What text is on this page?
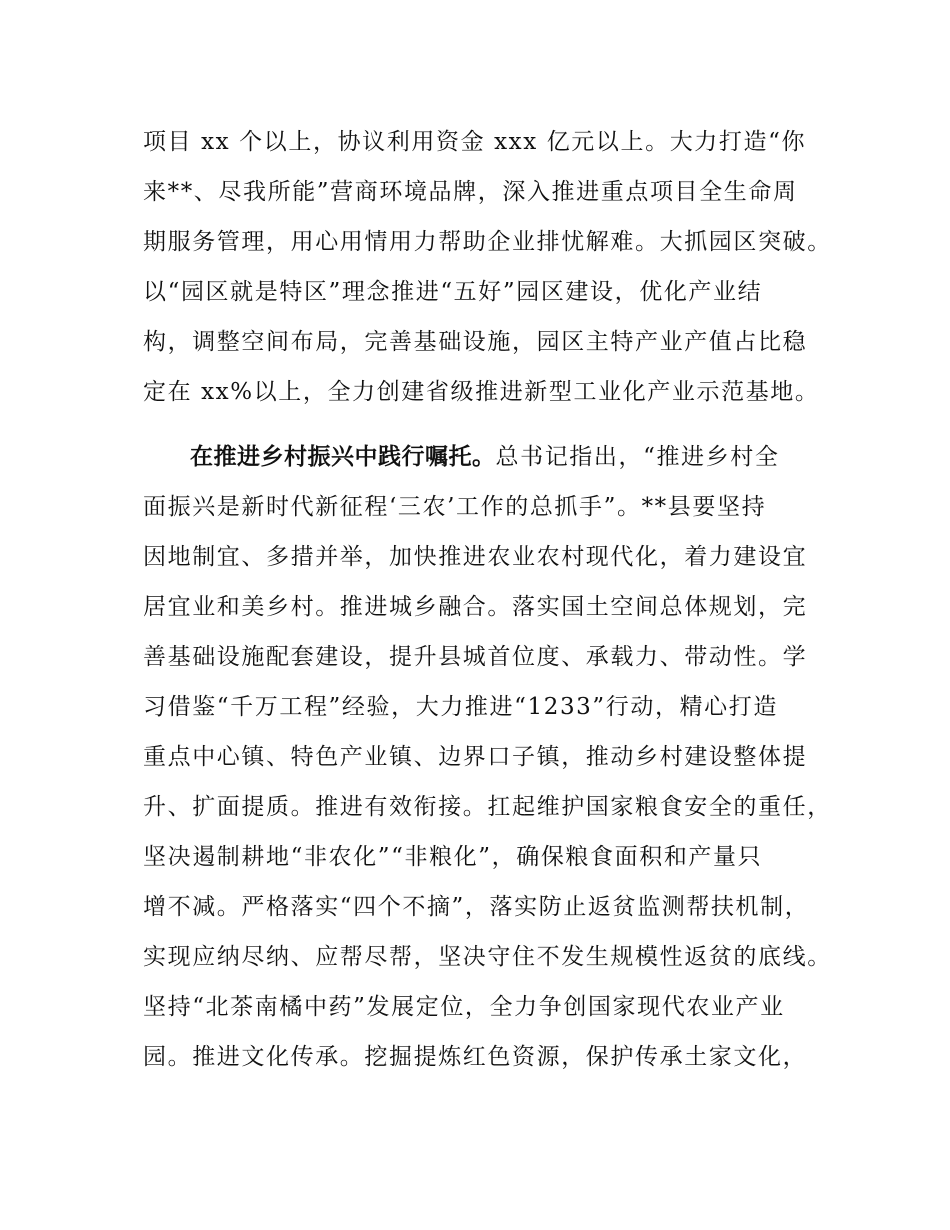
项目 xx 个以上，协议利用资金 xxx 亿元以上。大力打造“你
来**、尽我所能”营商环境品牌，深入推进重点项目全生命周
期服务管理，用心用情用力帮助企业排忧解难。大抓园区突破。
以“园区就是特区”理念推进“五好”园区建设，优化产业结
构，调整空间布局，完善基础设施，园区主特产业产值占比稳
定在 xx%以上，全力创建省级推进新型工业化产业示范基地。
在推进乡村振兴中践行嘱托。总书记指出，“推进乡村全
面振兴是新时代新征程‘三农’工作的总抓手”。**县要坚持
因地制宜、多措并举，加快推进农业农村现代化，着力建设宜
居宜业和美乡村。推进城乡融合。落实国土空间总体规划，完
善基础设施配套建设，提升县城首位度、承载力、带动性。学
习借鉴“千万工程”经验，大力推进“1233”行动，精心打造
重点中心镇、特色产业镇、边界口子镇，推动乡村建设整体提
升、扩面提质。推进有效衔接。扛起维护国家粮食安全的重任，
坚决遏制耕地“非农化”“非粮化”，确保粮食面积和产量只
增不减。严格落实“四个不摘”，落实防止返贫监测帮扶机制，
实现应纳尽纳、应帮尽帮，坚决守住不发生规模性返贫的底线。
坚持“北茶南橘中药”发展定位，全力争创国家现代农业产业
园。推进文化传承。挖掘提炼红色资源，保护传承土家文化，
